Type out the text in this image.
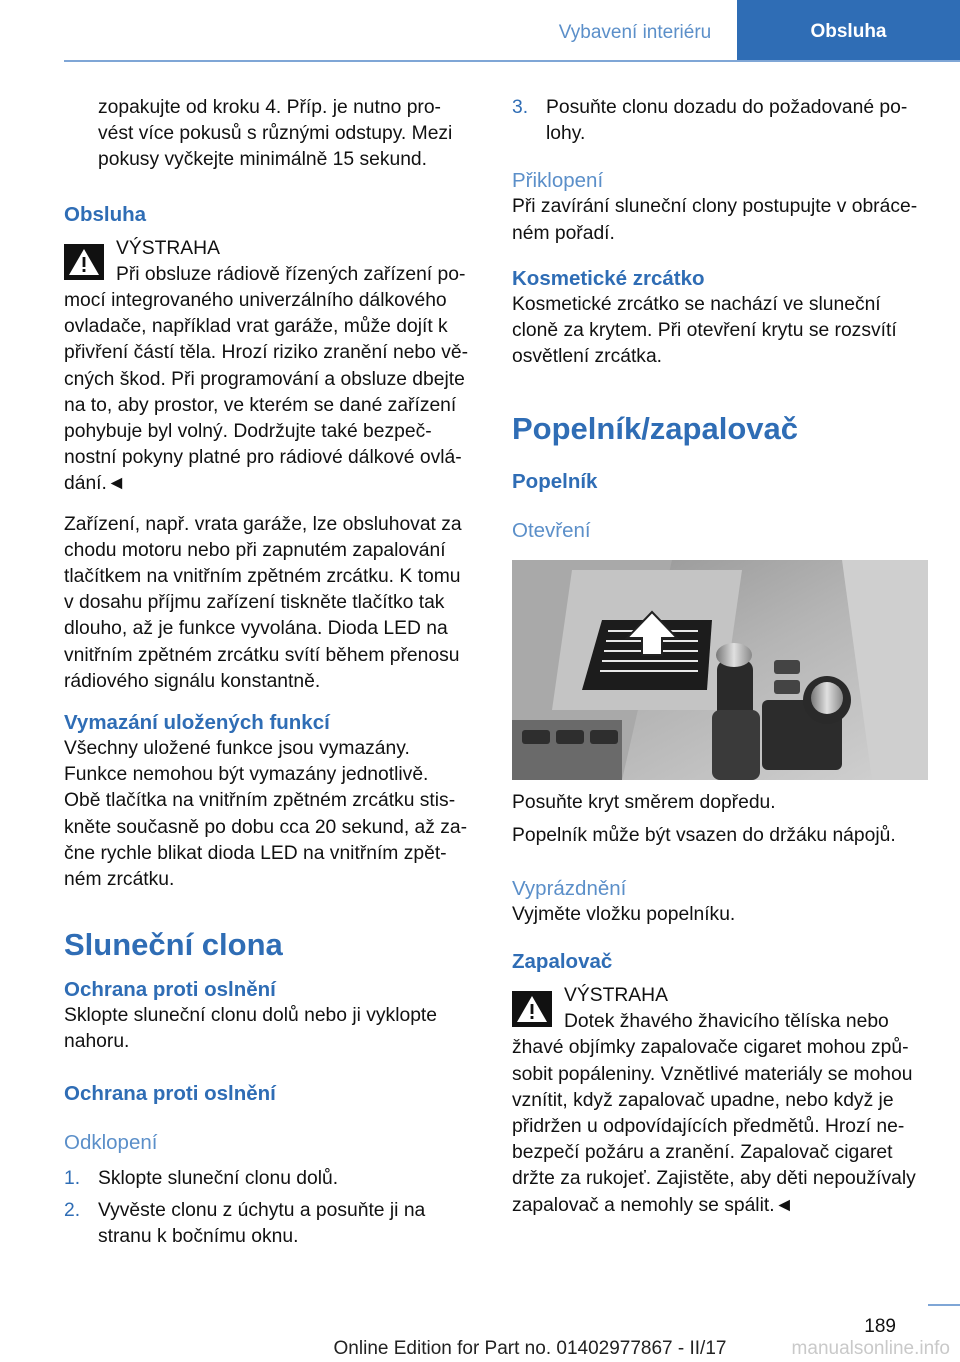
Vybavení interiéru	Obsluha
zopakujte od kroku 4. Příp. je nutno pro-
vést více pokusů s různými odstupy. Mezi
pokusy vyčkejte minimálně 15 sekund.
Obsluha
VÝSTRAHA
Při obsluze rádiově řízených zařízení po-
mocí integrovaného univerzálního dálkového
ovladače, například vrat garáže, může dojít k
přivření částí těla. Hrozí riziko zranění nebo vě-
cných škod. Při programování a obsluze dbejte
na to, aby prostor, ve kterém se dané zařízení
pohybuje byl volný. Dodržujte také bezpeč-
nostní pokyny platné pro rádiové dálkové ovlá-
dání.◄
Zařízení, např. vrata garáže, lze obsluhovat za
chodu motoru nebo při zapnutém zapalování
tlačítkem na vnitřním zpětném zrcátku. K tomu
v dosahu příjmu zařízení tiskněte tlačítko tak
dlouho, až je funkce vyvolána. Dioda LED na
vnitřním zpětném zrcátku svítí během přenosu
rádiového signálu konstantně.
Vymazání uložených funkcí
Všechny uložené funkce jsou vymazány.
Funkce nemohou být vymazány jednotlivě.
Obě tlačítka na vnitřním zpětném zrcátku stis-
kněte současně po dobu cca 20 sekund, až za-
čne rychle blikat dioda LED na vnitřním zpět-
ném zrcátku.
Sluneční clona
Ochrana proti oslnění
Sklopte sluneční clonu dolů nebo ji vyklopte
nahoru.
Ochrana proti oslnění
Odklopení
1. Sklopte sluneční clonu dolů.
2. Vyvěste clonu z úchytu a posuňte ji na
stranu k bočnímu oknu.
3. Posuňte clonu dozadu do požadované po-
lohy.
Přiklopení
Při zavírání sluneční clony postupujte v obráce-
ném pořadí.
Kosmetické zrcátko
Kosmetické zrcátko se nachází ve sluneční
cloně za krytem. Při otevření krytu se rozsvítí
osvětlení zrcátka.
Popelník/zapalovač
Popelník
Otevření
Posuňte kryt směrem dopředu.
Popelník může být vsazen do držáku nápojů.
Vyprázdnění
Vyjměte vložku popelníku.
Zapalovač
VÝSTRAHA
Dotek žhavého žhavicího tělíska nebo
žhavé objímky zapalovače cigaret mohou způ-
sobit popáleniny. Vznětlivé materiály se mohou
vznítit, když zapalovač upadne, nebo když je
přidržen u odpovídajících předmětů. Hrozí ne-
bezpečí požáru a zranění. Zapalovač cigaret
držte za rukojeť. Zajistěte, aby děti nepoužívaly
zapalovač a nemohly se spálit.◄
189
Online Edition for Part no. 01402977867 - II/17	manualsonline.info
